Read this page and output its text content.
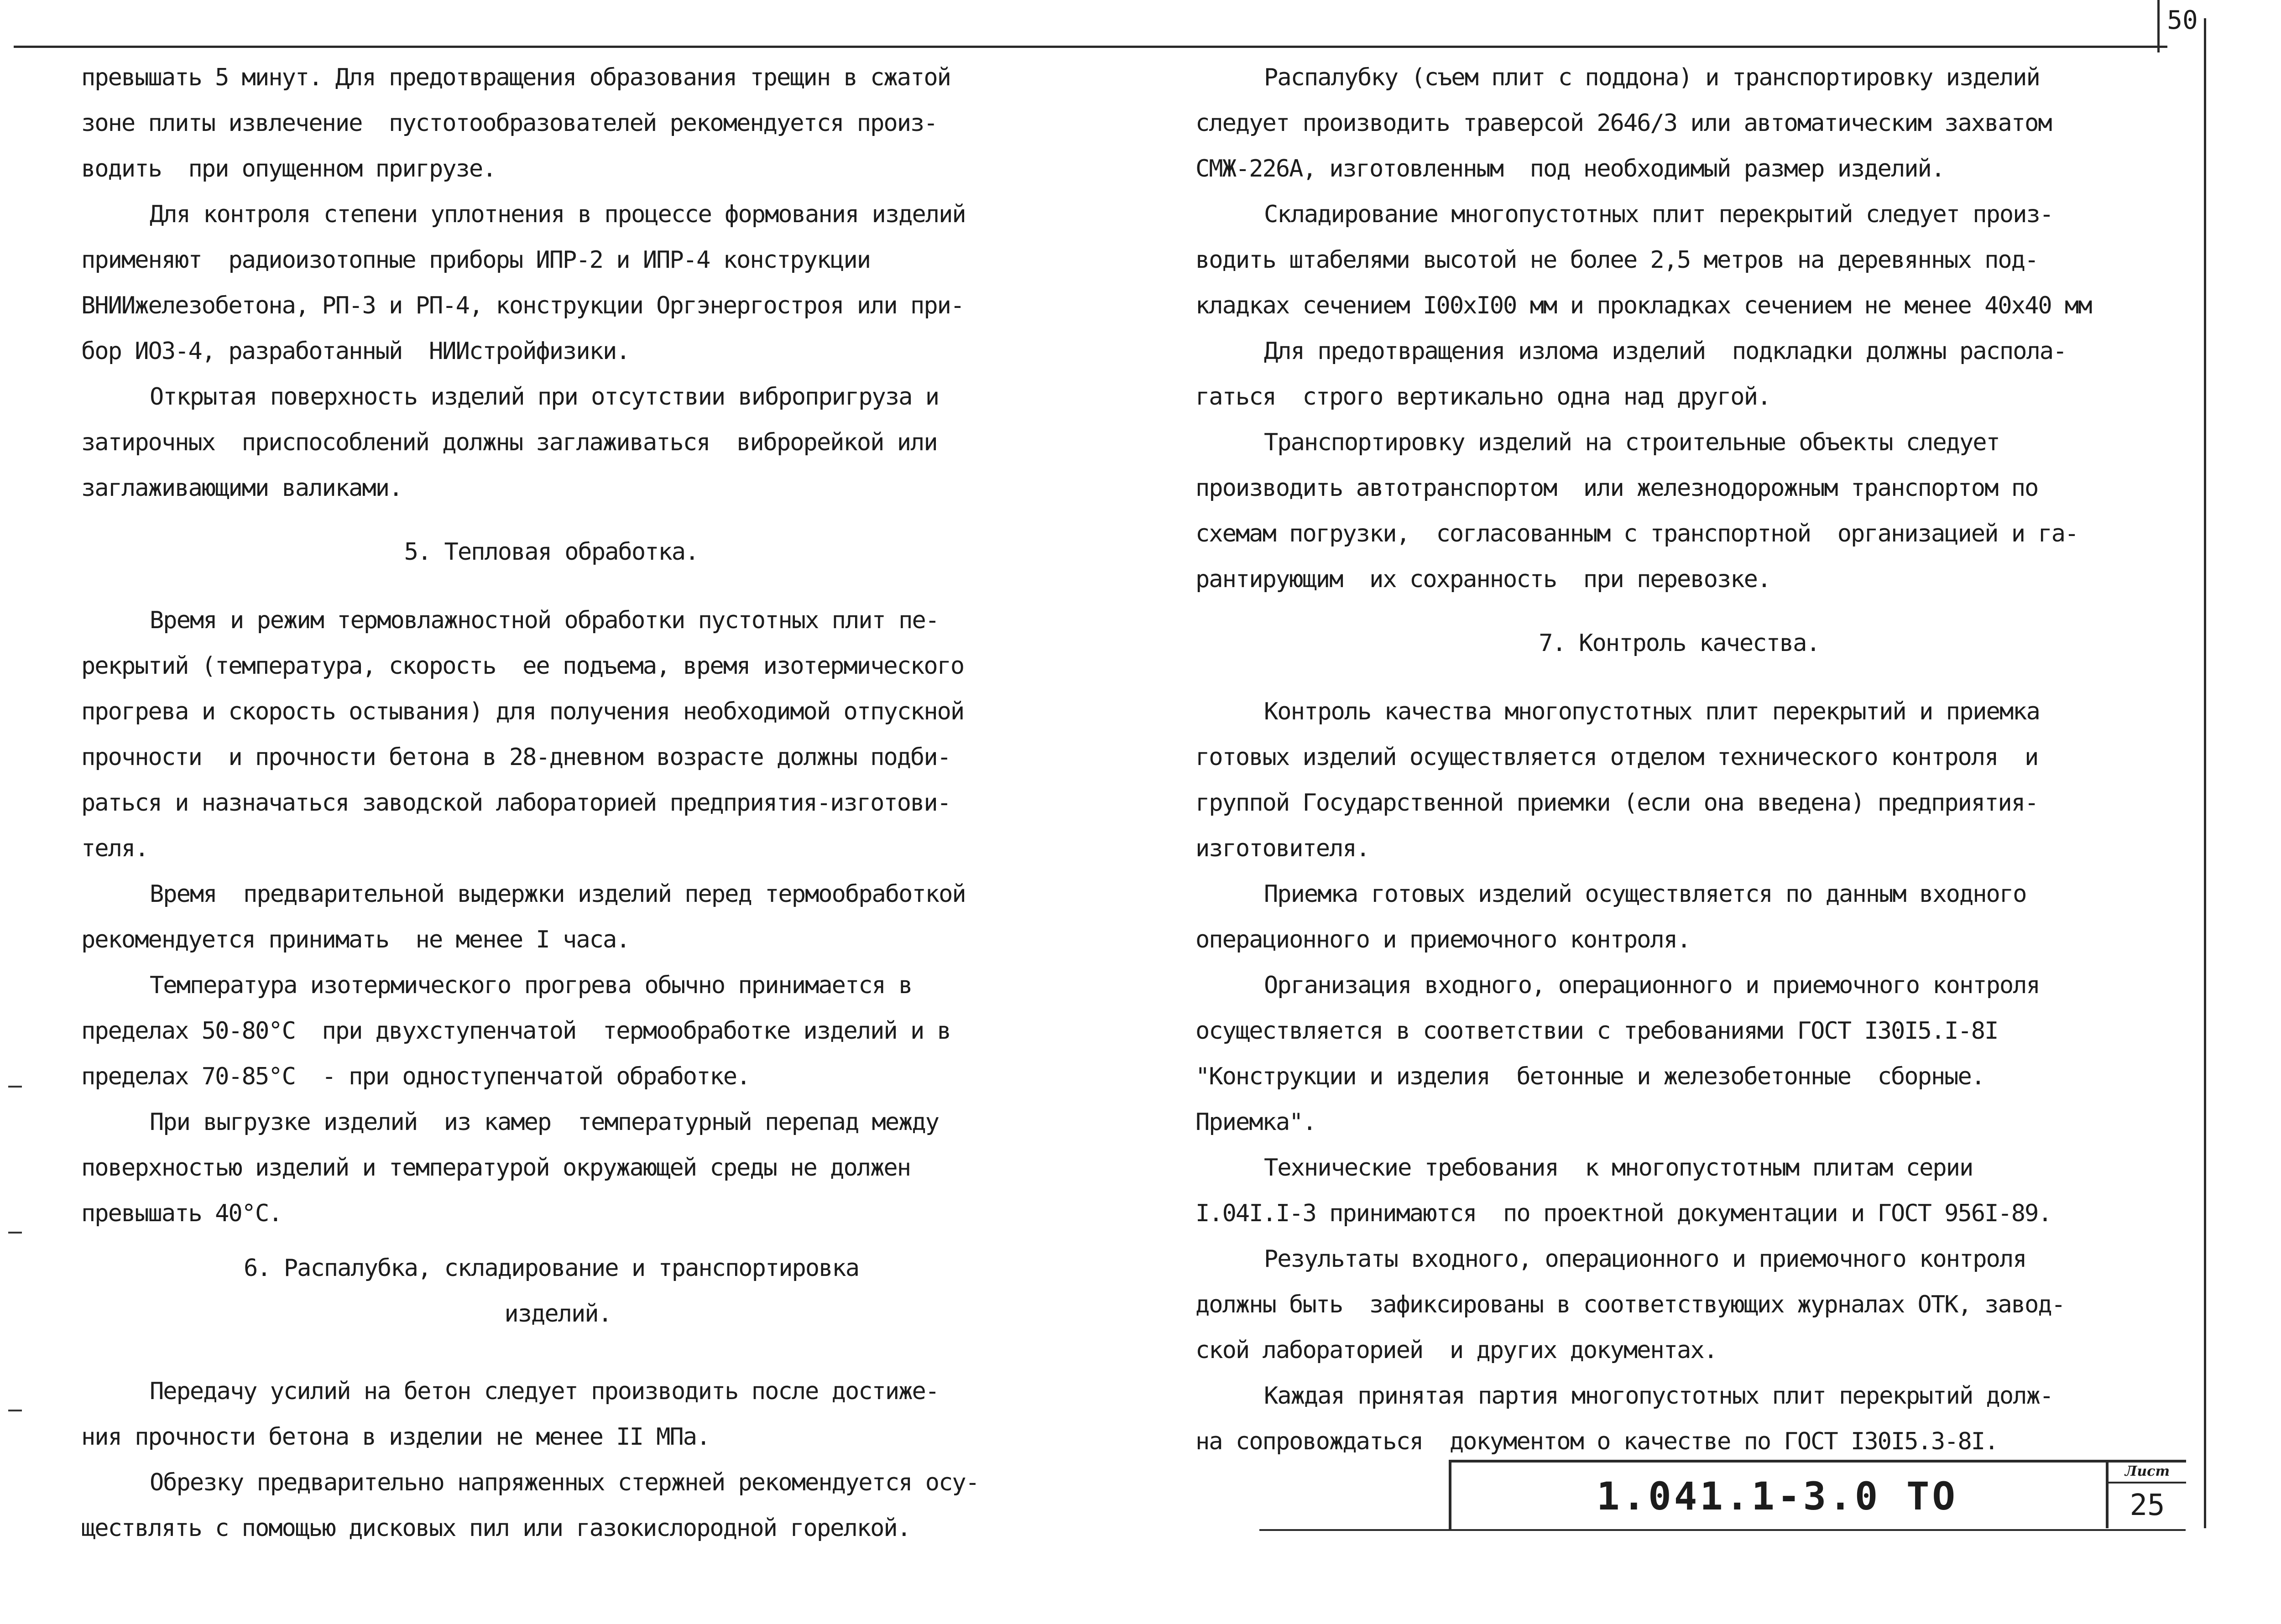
50

превышать 5 минут. Для предотвращения образования трещин в сжатой
зоне плиты извлечение  пустотообразователей рекомендуется произ-
водить  при опущенном пригрузе.

Для контроля степени уплотнения в процессе формования изделий
применяют  радиоизотопные приборы ИПР-2 и ИПР-4 конструкции
ВНИИжелезобетона, РП-3 и РП-4, конструкции Оргэнергостроя или при-
бор ИОЗ-4, разработанный  НИИстройфизики.

Открытая поверхность изделий при отсутствии вибропригруза и
затирочных  приспособлений должны заглаживаться  виброрейкой или
заглаживающими валиками.

5. Тепловая обработка.

Время и режим термовлажностной обработки пустотных плит пе-
рекрытий (температура, скорость  ее подъема, время изотермического
прогрева и скорость остывания) для получения необходимой отпускной
прочности  и прочности бетона в 28-дневном возрасте должны подби-
раться и назначаться заводской лабораторией предприятия-изготови-
теля.

Время  предварительной выдержки изделий перед термообработкой
рекомендуется принимать  не менее I часа.

Температура изотермического прогрева обычно принимается в
пределах 50-80°С  при двухступенчатой  термообработке изделий и в
пределах 70-85°С  - при одноступенчатой обработке.

При выгрузке изделий  из камер  температурный перепад между
поверхностью изделий и температурой окружающей среды не должен
превышать 40°С.

6. Распалубка, складирование и транспортировка
изделий.

Передачу усилий на бетон следует производить после достиже-
ния прочности бетона в изделии не менее II МПа.

Обрезку предварительно напряженных стержней рекомендуется осу-
ществлять с помощью дисковых пил или газокислородной горелкой.

Распалубку (съем плит с поддона) и транспортировку изделий
следует производить траверсой 2646/3 или автоматическим захватом
СМЖ-226А, изготовленным  под необходимый размер изделий.

Складирование многопустотных плит перекрытий следует произ-
водить штабелями высотой не более 2,5 метров на деревянных под-
кладках сечением I00хI00 мм и прокладках сечением не менее 40х40 мм

Для предотвращения излома изделий  подкладки должны распола-
гаться  строго вертикально одна над другой.

Транспортировку изделий на строительные объекты следует
производить автотранспортом  или железнодорожным транспортом по
схемам погрузки,  согласованным с транспортной  организацией и га-
рантирующим  их сохранность  при перевозке.

7. Контроль качества.

Контроль качества многопустотных плит перекрытий и приемка
готовых изделий осуществляется отделом технического контроля  и
группой Государственной приемки (если она введена) предприятия-
изготовителя.

Приемка готовых изделий осуществляется по данным входного
операционного и приемочного контроля.

Организация входного, операционного и приемочного контроля
осуществляется в соответствии с требованиями ГОСТ I30I5.I-8I
"Конструкции и изделия  бетонные и железобетонные  сборные.
Приемка".

Технические требования  к многопустотным плитам серии
I.04I.I-3 принимаются  по проектной документации и ГОСТ 956I-89.

Результаты входного, операционного и приемочного контроля
должны быть  зафиксированы в соответствующих журналах ОТК, завод-
ской лабораторией  и других документах.

Каждая принятая партия многопустотных плит перекрытий долж-
на сопровождаться  документом о качестве по ГОСТ I30I5.3-8I.

1.041.1-3.0 ТО
Лист
25
